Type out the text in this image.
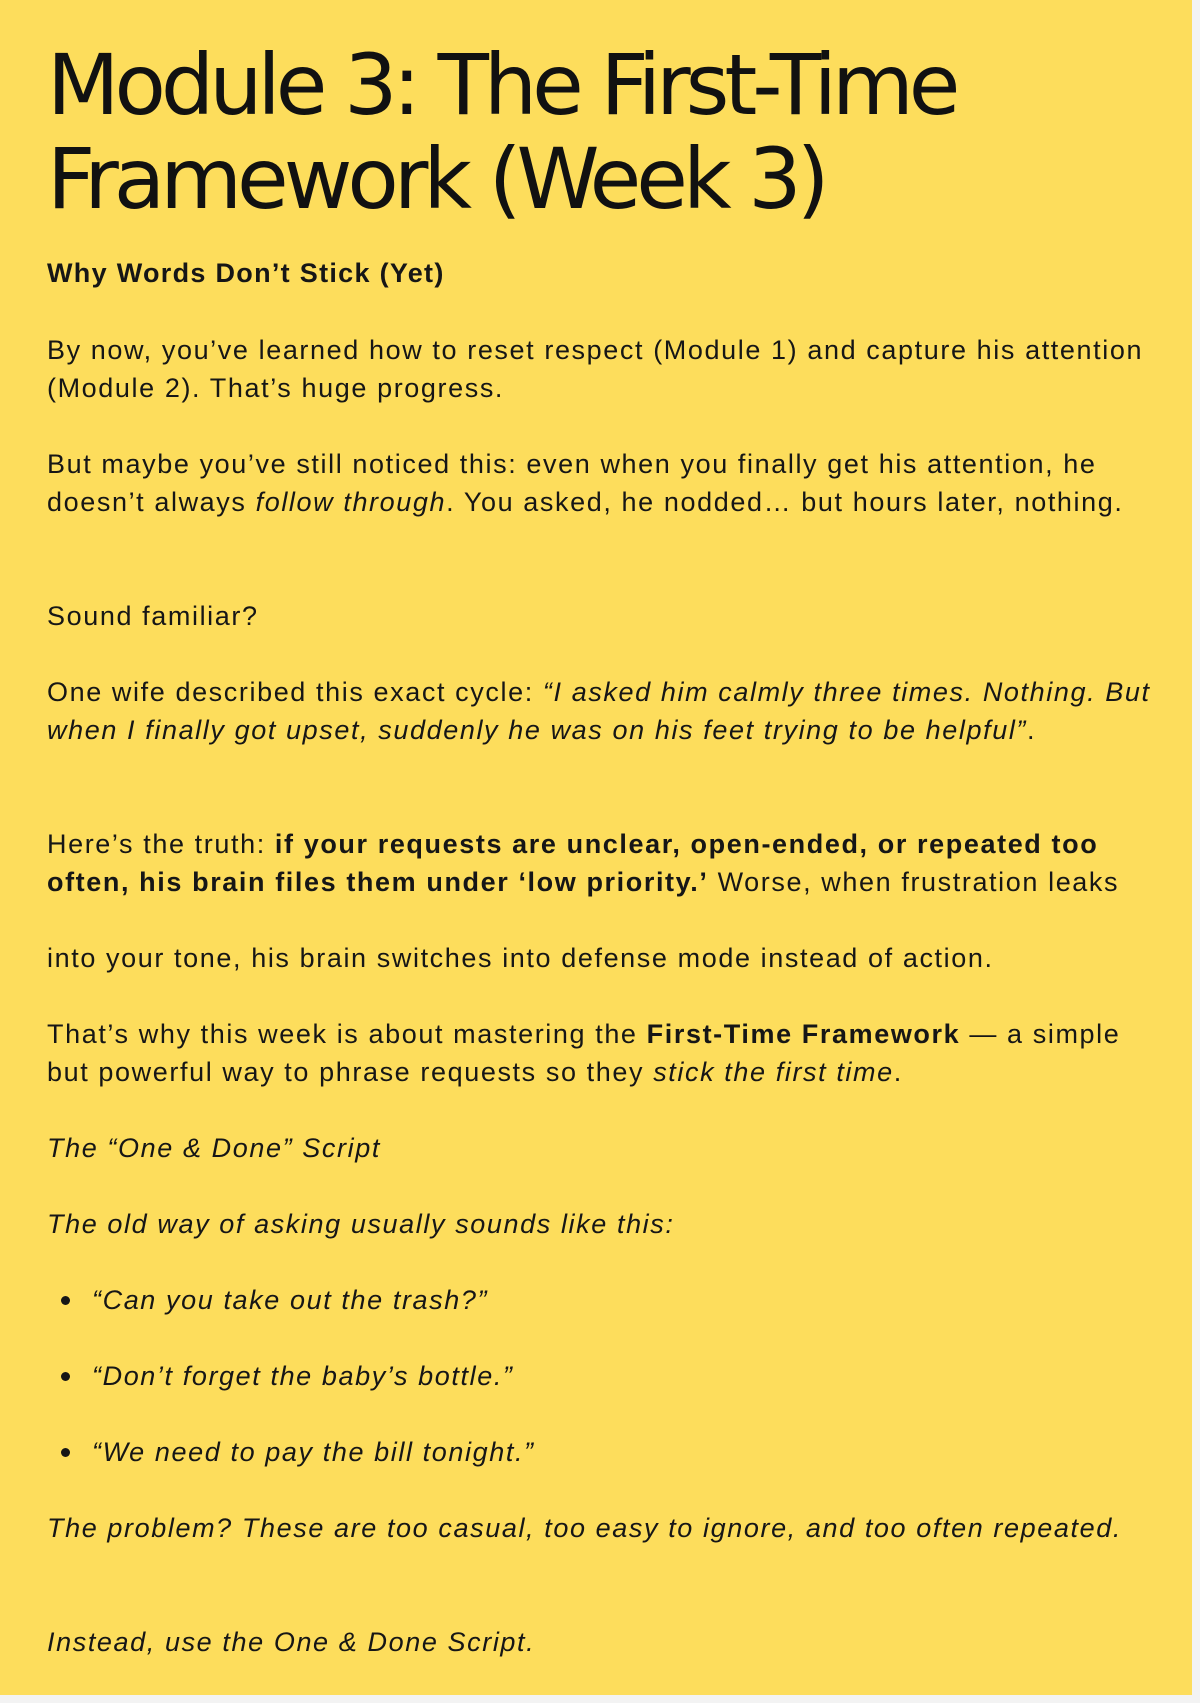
Module 3: The First-Time
Framework (Week 3)

Why Words Don’t Stick (Yet)

By now, you’ve learned how to reset respect (Module 1) and capture his attention (Module 2). That’s huge progress.

But maybe you’ve still noticed this: even when you finally get his attention, he doesn’t always follow through. You asked, he nodded… but hours later, nothing.

Sound familiar?

One wife described this exact cycle: “I asked him calmly three times. Nothing. But when I finally got upset, suddenly he was on his feet trying to be helpful”.

Here’s the truth: if your requests are unclear, open-ended, or repeated too often, his brain files them under ‘low priority.’ Worse, when frustration leaks

into your tone, his brain switches into defense mode instead of action.

That’s why this week is about mastering the First-Time Framework — a simple but powerful way to phrase requests so they stick the first time.

The “One & Done” Script

The old way of asking usually sounds like this:

“Can you take out the trash?”
“Don’t forget the baby’s bottle.”
“We need to pay the bill tonight.”

The problem? These are too casual, too easy to ignore, and too often repeated.

Instead, use the One & Done Script.
